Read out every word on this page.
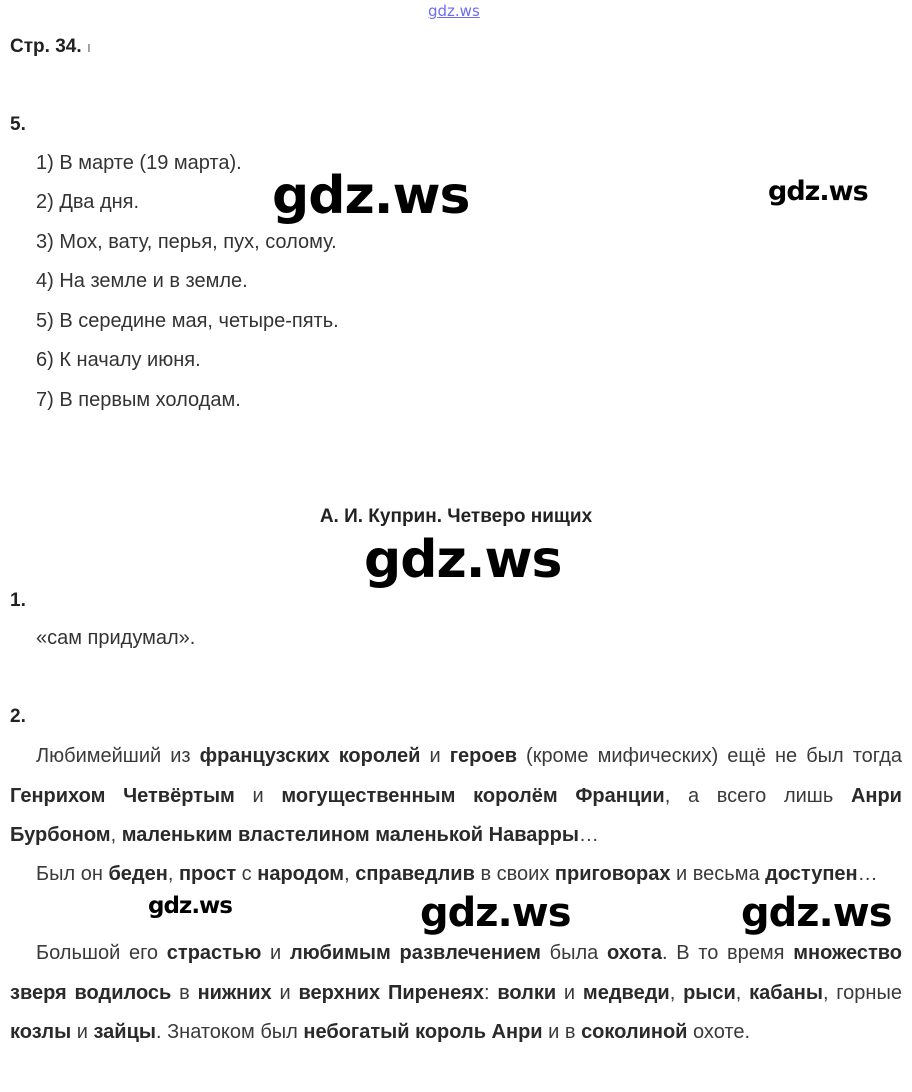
gdz.ws
Стр. 34. ı
5.
1) В марте (19 марта).
2) Два дня.
3) Мох, вату, перья, пух, солому.
4) На земле и в земле.
5) В середине мая, четыре-пять.
6) К началу июня.
7) В первым холодам.
gdz.ws	gdz.ws
А. И. Куприн. Четверо нищих
gdz.ws
1.
«сам придумал».
2.
Любимейший из французских королей и героев (кроме мифических) ещё не был тогда Генрихом Четвёртым и могущественным королём Франции, а всего лишь Анри Бурбоном, маленьким властелином маленькой Наварры…
Был он беден, прост с народом, справедлив в своих приговорах и весьма доступен…
Большой его страстью и любимым развлечением была охота. В то время множество зверя водилось в нижних и верхних Пиренеях: волки и медведи, рыси, кабаны, горные козлы и зайцы. Знатоком был небогатый король Анри и в соколиной охоте.
gdz.ws	gdz.ws	gdz.ws
